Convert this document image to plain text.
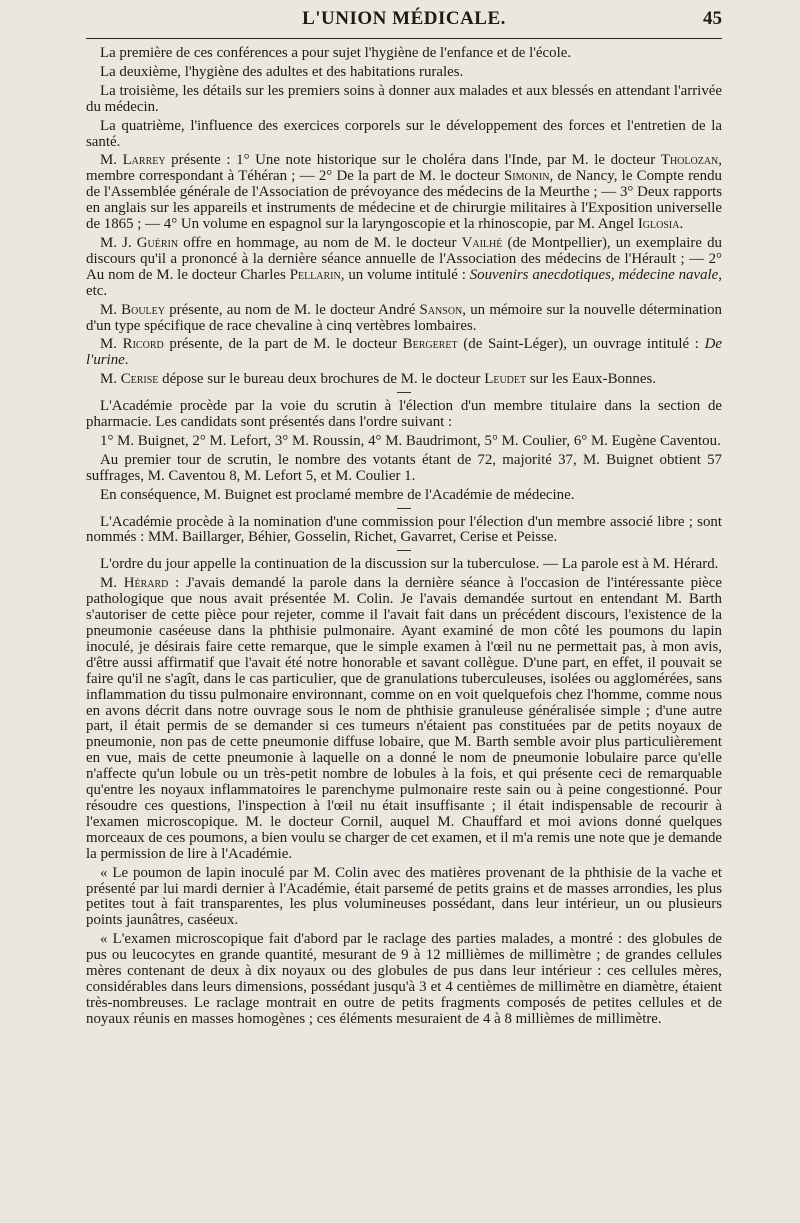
L'UNION MÉDICALE.	45

La première de ces conférences a pour sujet l'hygiène de l'enfance et de l'école.

La deuxième, l'hygiène des adultes et des habitations rurales.

La troisième, les détails sur les premiers soins à donner aux malades et aux blessés en attendant l'arrivée du médecin.

La quatrième, l'influence des exercices corporels sur le développement des forces et l'entretien de la santé.

M. Larrey présente : 1° Une note historique sur le choléra dans l'Inde, par M. le docteur Tholozan, membre correspondant à Téhéran ; — 2° De la part de M. le docteur Simonin, de Nancy, le Compte rendu de l'Assemblée générale de l'Association de prévoyance des médecins de la Meurthe ; — 3° Deux rapports en anglais sur les appareils et instruments de médecine et de chirurgie militaires à l'Exposition universelle de 1865 ; — 4° Un volume en espagnol sur la laryngoscopie et la rhinoscopie, par M. Angel Iglosia.

M. J. Guérin offre en hommage, au nom de M. le docteur Vailhé (de Montpellier), un exemplaire du discours qu'il a prononcé à la dernière séance annuelle de l'Association des médecins de l'Hérault ; — 2° Au nom de M. le docteur Charles Pellarin, un volume intitulé : Souvenirs anecdotiques, médecine navale, etc.

M. Bouley présente, au nom de M. le docteur André Sanson, un mémoire sur la nouvelle détermination d'un type spécifique de race chevaline à cinq vertèbres lombaires.

M. Ricord présente, de la part de M. le docteur Bergeret (de Saint-Léger), un ouvrage intitulé : De l'urine.

M. Cerise dépose sur le bureau deux brochures de M. le docteur Leudet sur les Eaux-Bonnes.

L'Académie procède par la voie du scrutin à l'élection d'un membre titulaire dans la section de pharmacie. Les candidats sont présentés dans l'ordre suivant :

1° M. Buignet, 2° M. Lefort, 3° M. Roussin, 4° M. Baudrimont, 5° M. Coulier, 6° M. Eugène Caventou.

Au premier tour de scrutin, le nombre des votants étant de 72, majorité 37, M. Buignet obtient 57 suffrages, M. Caventou 8, M. Lefort 5, et M. Coulier 1.

En conséquence, M. Buignet est proclamé membre de l'Académie de médecine.

L'Académie procède à la nomination d'une commission pour l'élection d'un membre associé libre ; sont nommés : MM. Baillarger, Béhier, Gosselin, Richet, Gavarret, Cerise et Peisse.

L'ordre du jour appelle la continuation de la discussion sur la tuberculose. — La parole est à M. Hérard.

M. Hérard : J'avais demandé la parole dans la dernière séance à l'occasion de l'intéressante pièce pathologique que nous avait présentée M. Colin. Je l'avais demandée surtout en entendant M. Barth s'autoriser de cette pièce pour rejeter, comme il l'avait fait dans un précédent discours, l'existence de la pneumonie caséeuse dans la phthisie pulmonaire. Ayant examiné de mon côté les poumons du lapin inoculé, je désirais faire cette remarque, que le simple examen à l'œil nu ne permettait pas, à mon avis, d'être aussi affirmatif que l'avait été notre honorable et savant collègue. D'une part, en effet, il pouvait se faire qu'il ne s'agît, dans le cas particulier, que de granulations tuberculeuses, isolées ou agglomérées, sans inflammation du tissu pulmonaire environnant, comme on en voit quelquefois chez l'homme, comme nous en avons décrit dans notre ouvrage sous le nom de phthisie granuleuse généralisée simple ; d'une autre part, il était permis de se demander si ces tumeurs n'étaient pas constituées par de petits noyaux de pneumonie, non pas de cette pneumonie diffuse lobaire, que M. Barth semble avoir plus particulièrement en vue, mais de cette pneumonie à laquelle on a donné le nom de pneumonie lobulaire parce qu'elle n'affecte qu'un lobule ou un très-petit nombre de lobules à la fois, et qui présente ceci de remarquable qu'entre les noyaux inflammatoires le parenchyme pulmonaire reste sain ou à peine congestionné. Pour résoudre ces questions, l'inspection à l'œil nu était insuffisante ; il était indispensable de recourir à l'examen microscopique. M. le docteur Cornil, auquel M. Chauffard et moi avions donné quelques morceaux de ces poumons, a bien voulu se charger de cet examen, et il m'a remis une note que je demande la permission de lire à l'Académie.

« Le poumon de lapin inoculé par M. Colin avec des matières provenant de la phthisie de la vache et présenté par lui mardi dernier à l'Académie, était parsemé de petits grains et de masses arrondies, les plus petites tout à fait transparentes, les plus volumineuses possédant, dans leur intérieur, un ou plusieurs points jaunâtres, caséeux.

« L'examen microscopique fait d'abord par le raclage des parties malades, a montré : des globules de pus ou leucocytes en grande quantité, mesurant de 9 à 12 millièmes de millimètre ; de grandes cellules mères contenant de deux à dix noyaux ou des globules de pus dans leur intérieur : ces cellules mères, considérables dans leurs dimensions, possédant jusqu'à 3 et 4 centièmes de millimètre en diamètre, étaient très-nombreuses. Le raclage montrait en outre de petits fragments composés de petites cellules et de noyaux réunis en masses homogènes ; ces éléments mesuraient de 4 à 8 millièmes de millimètre.
